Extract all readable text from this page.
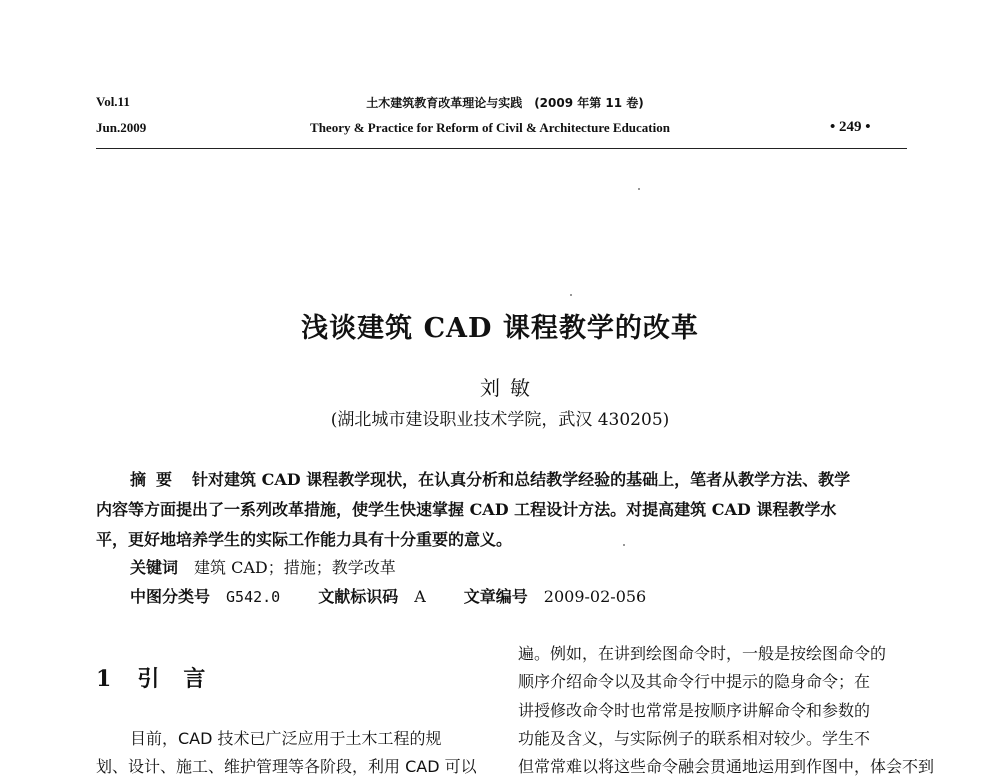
Vol.11
Jun.2009
土木建筑教育改革理论与实践　(2009 年第 11 卷)
Theory & Practice for Reform of Civil & Architecture Education	• 249 •
浅谈建筑 CAD 课程教学的改革
刘敏
(湖北城市建设职业技术学院，武汉 430205)
摘要 针对建筑 CAD 课程教学现状，在认真分析和总结教学经验的基础上，笔者从教学方法、教学
内容等方面提出了一系列改革措施，使学生快速掌握 CAD 工程设计方法。对提高建筑 CAD 课程教学水
平，更好地培养学生的实际工作能力具有十分重要的意义。
关键词 建筑 CAD；措施；教学改革
中图分类号 G542.0 文献标识码 A 文章编号 2009-02-056
1 引言
目前，CAD 技术已广泛应用于土木工程的规
划、设计、施工、维护管理等各阶段，利用 CAD 可以
遍。例如，在讲到绘图命令时，一般是按绘图命令的
顺序介绍命令以及其命令行中提示的隐身命令；在
讲授修改命令时也常常是按顺序讲解命令和参数的
功能及含义，与实际例子的联系相对较少。学生不
但常常难以将这些命令融会贯通地运用到作图中，体会不到
